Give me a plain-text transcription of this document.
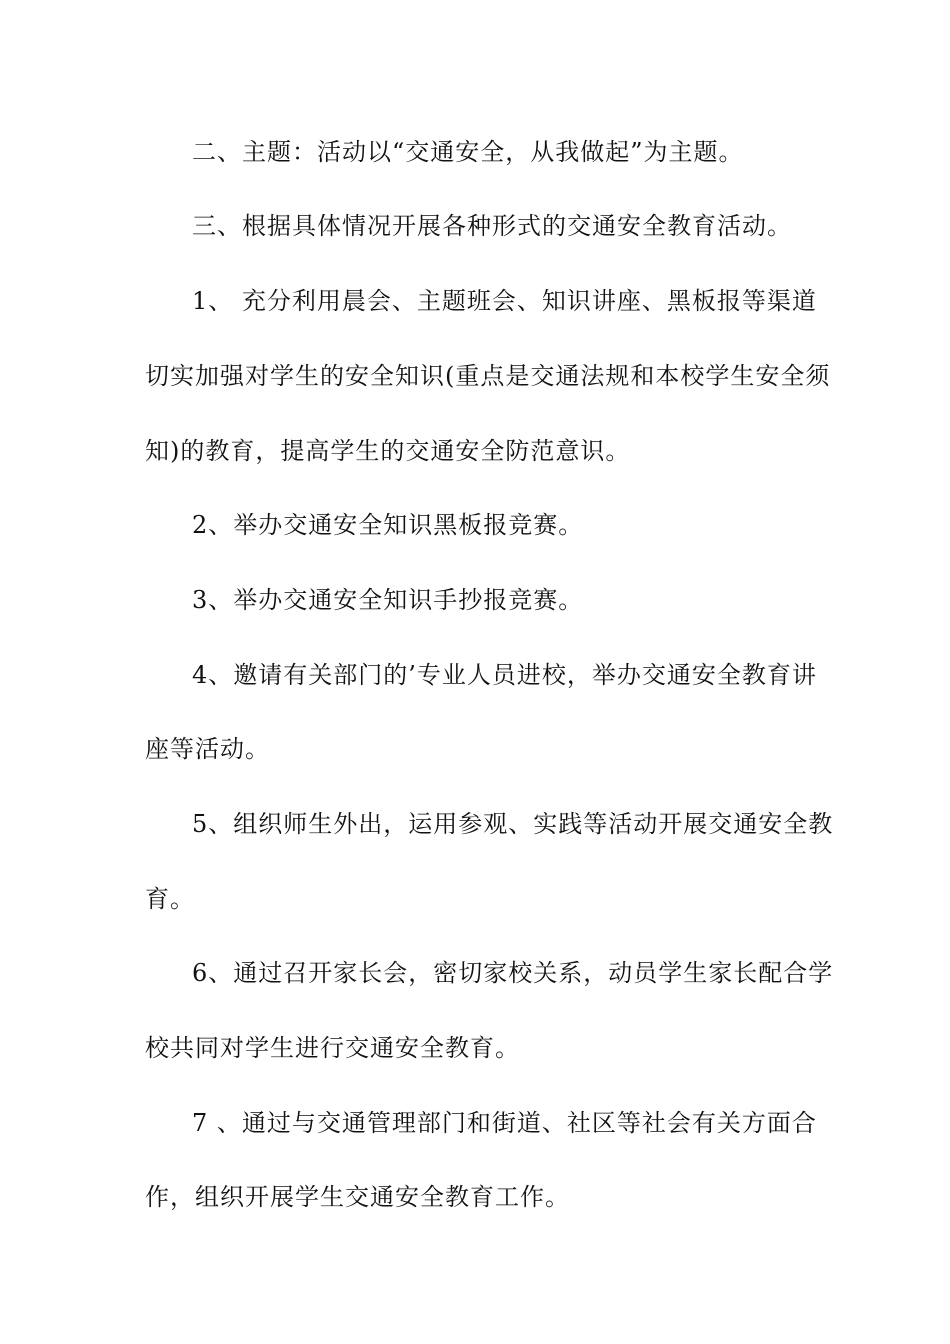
二、主题：活动以“交通安全，从我做起”为主题。
三、根据具体情况开展各种形式的交通安全教育活动。
1、 充分利用晨会、主题班会、知识讲座、黑板报等渠道
切实加强对学生的安全知识(重点是交通法规和本校学生安全须
知)的教育，提高学生的交通安全防范意识。
2、举办交通安全知识黑板报竞赛。
3、举办交通安全知识手抄报竞赛。
4、邀请有关部门的’专业人员进校，举办交通安全教育讲
座等活动。
5、组织师生外出，运用参观、实践等活动开展交通安全教
育。
6、通过召开家长会，密切家校关系，动员学生家长配合学
校共同对学生进行交通安全教育。
7 、通过与交通管理部门和街道、社区等社会有关方面合
作，组织开展学生交通安全教育工作。
